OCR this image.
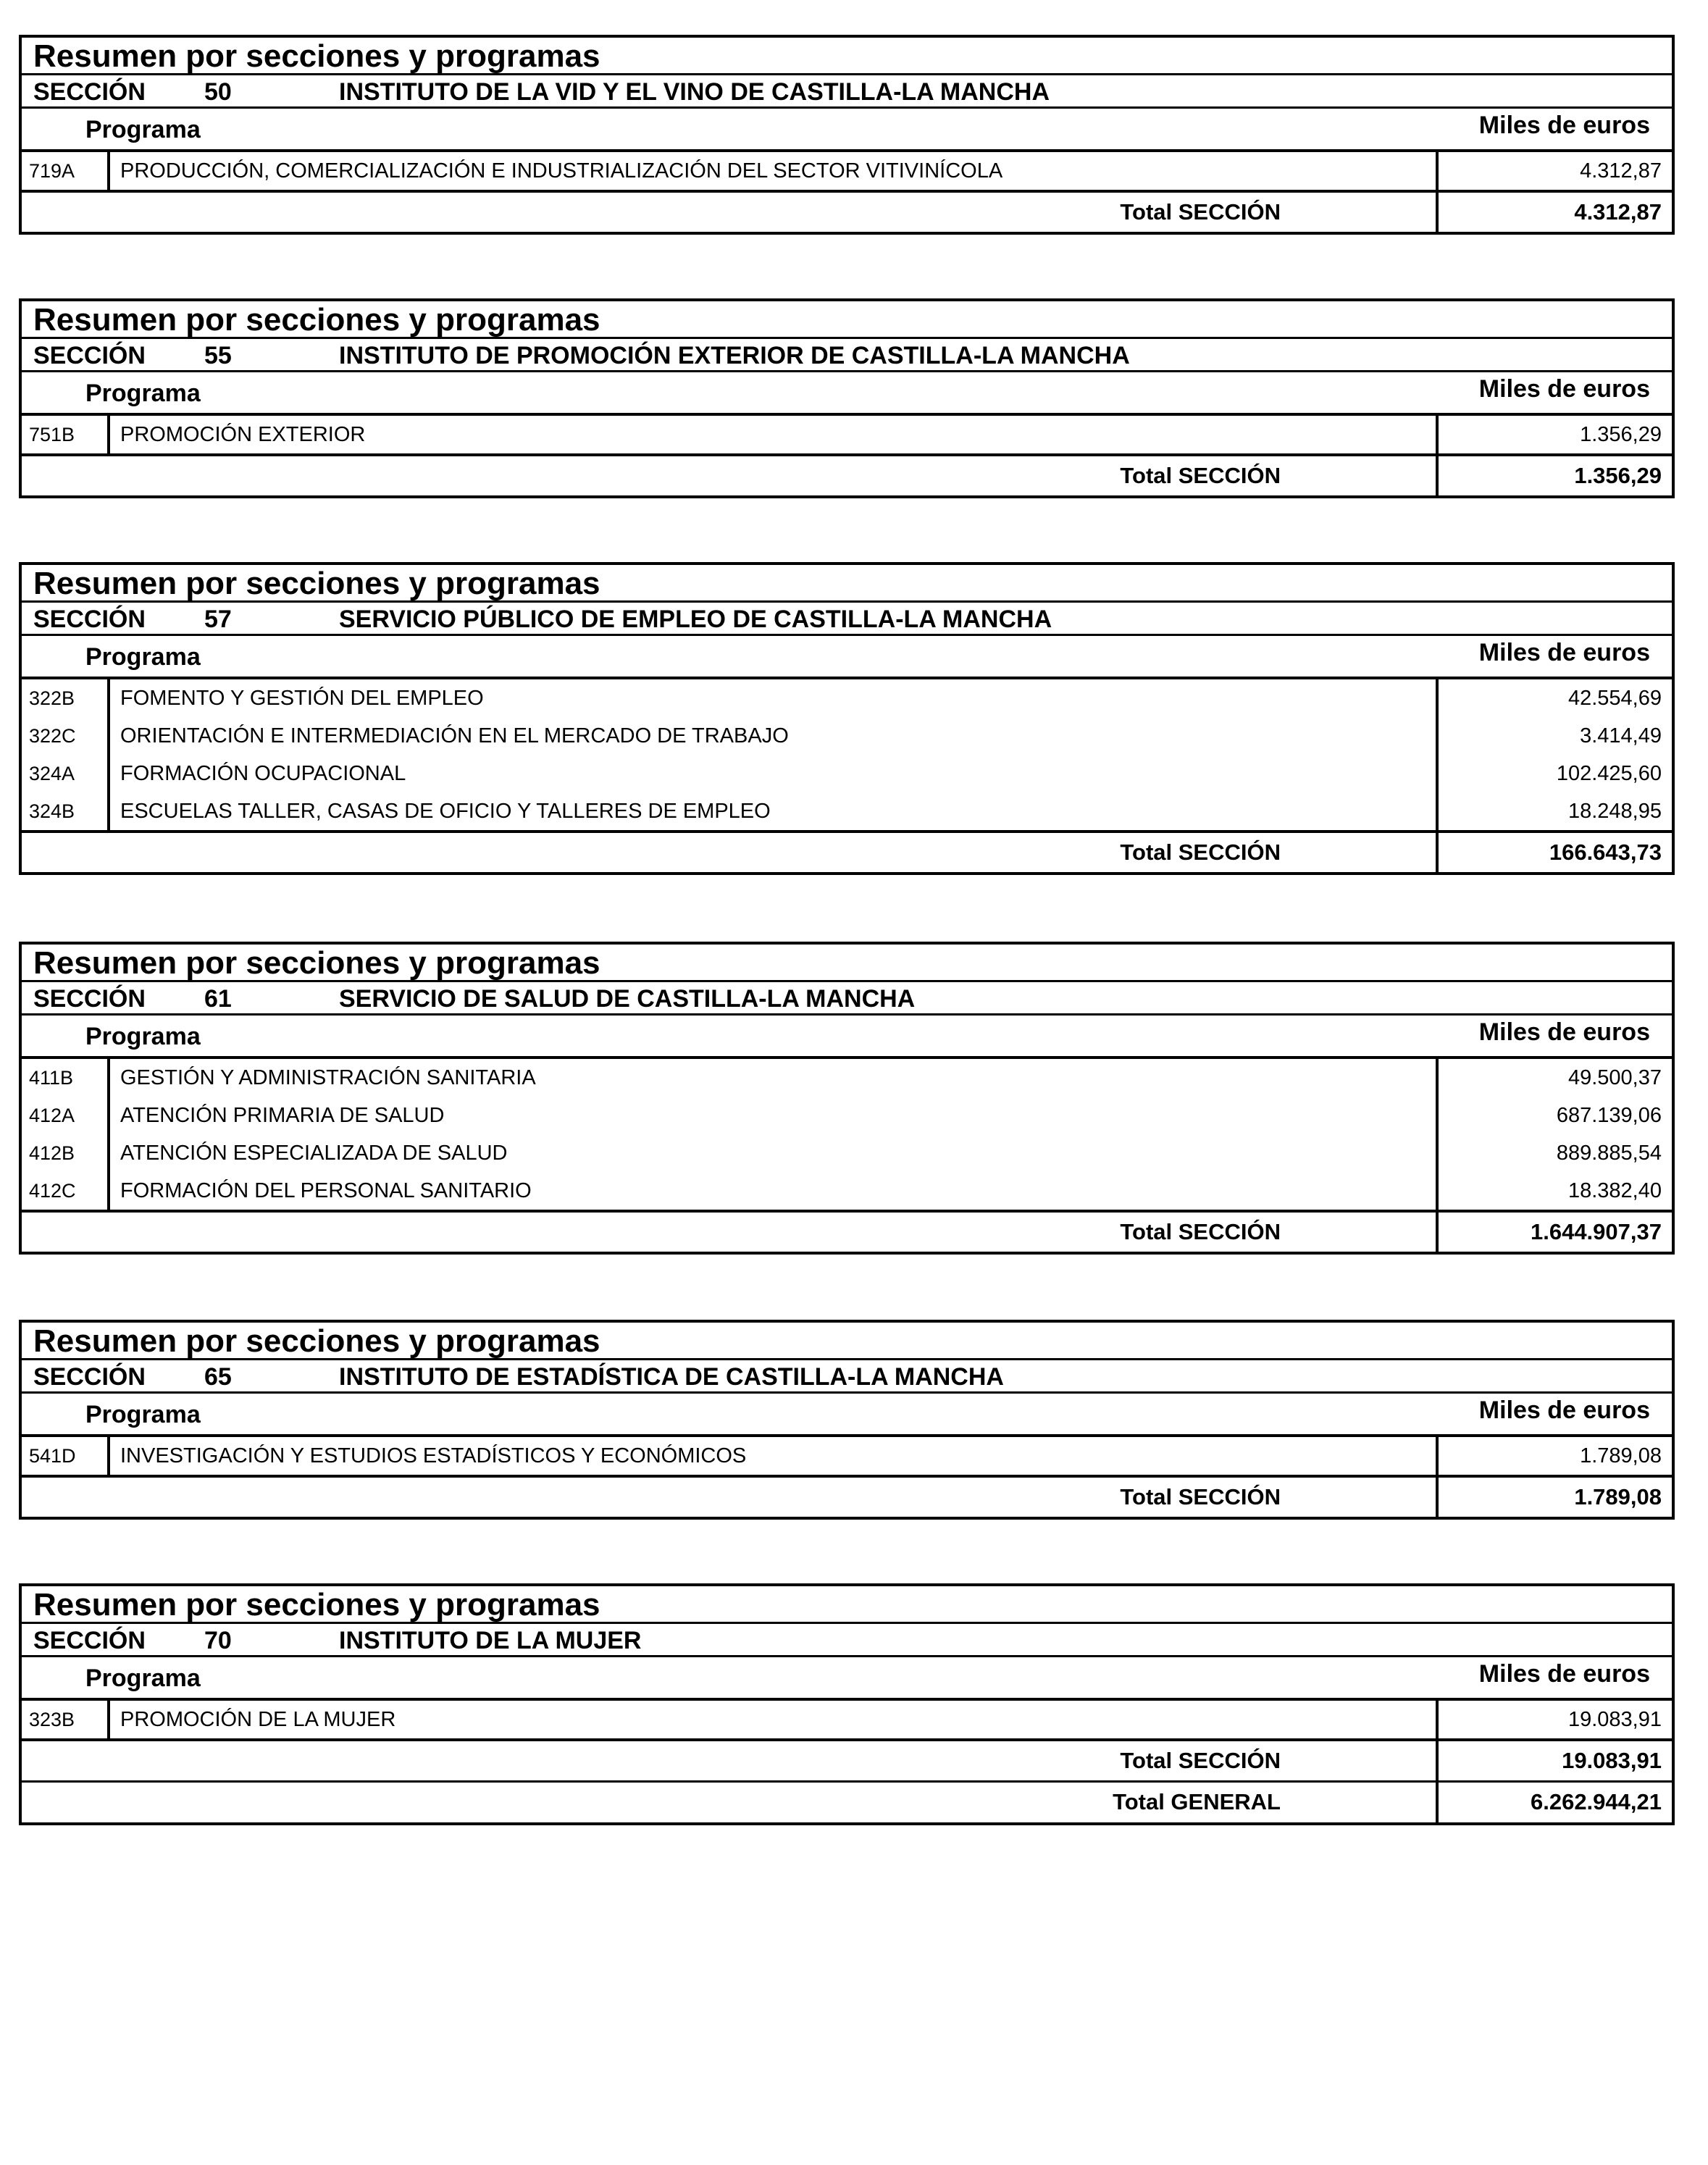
Resumen por secciones y programas
SECCIÓN 50	INSTITUTO DE LA VID Y EL VINO DE CASTILLA-LA MANCHA
Programa	Miles de euros
719A	PRODUCCIÓN, COMERCIALIZACIÓN E INDUSTRIALIZACIÓN DEL SECTOR VITIVINÍCOLA	4.312,87
Total SECCIÓN	4.312,87
Resumen por secciones y programas
SECCIÓN 55	INSTITUTO DE PROMOCIÓN EXTERIOR DE CASTILLA-LA MANCHA
Programa	Miles de euros
751B	PROMOCIÓN EXTERIOR	1.356,29
Total SECCIÓN	1.356,29
Resumen por secciones y programas
SECCIÓN 57	SERVICIO PÚBLICO DE EMPLEO DE CASTILLA-LA MANCHA
Programa	Miles de euros
322B	FOMENTO Y GESTIÓN DEL EMPLEO	42.554,69
322C	ORIENTACIÓN E INTERMEDIACIÓN EN EL MERCADO DE TRABAJO	3.414,49
324A	FORMACIÓN OCUPACIONAL	102.425,60
324B	ESCUELAS TALLER, CASAS DE OFICIO Y TALLERES DE EMPLEO	18.248,95
Total SECCIÓN	166.643,73
Resumen por secciones y programas
SECCIÓN 61	SERVICIO DE SALUD DE CASTILLA-LA MANCHA
Programa	Miles de euros
411B	GESTIÓN Y ADMINISTRACIÓN SANITARIA	49.500,37
412A	ATENCIÓN PRIMARIA DE SALUD	687.139,06
412B	ATENCIÓN ESPECIALIZADA DE SALUD	889.885,54
412C	FORMACIÓN DEL PERSONAL SANITARIO	18.382,40
Total SECCIÓN	1.644.907,37
Resumen por secciones y programas
SECCIÓN 65	INSTITUTO DE ESTADÍSTICA DE CASTILLA-LA MANCHA
Programa	Miles de euros
541D	INVESTIGACIÓN Y ESTUDIOS ESTADÍSTICOS Y ECONÓMICOS	1.789,08
Total SECCIÓN	1.789,08
Resumen por secciones y programas
SECCIÓN 70	INSTITUTO DE LA MUJER
Programa	Miles de euros
323B	PROMOCIÓN DE LA MUJER	19.083,91
Total SECCIÓN	19.083,91
Total GENERAL	6.262.944,21
